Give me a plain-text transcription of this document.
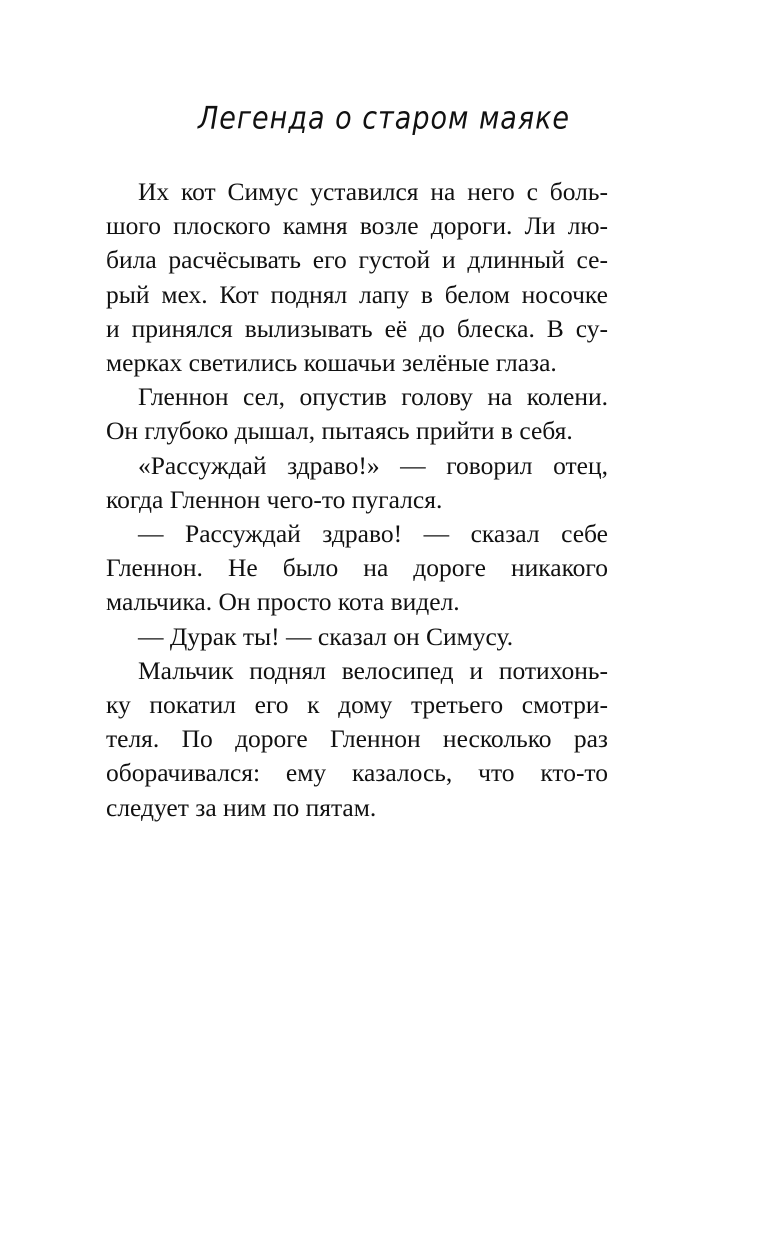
Легенда о старом маяке

Их кот Симус уставился на него с боль-
шого плоского камня возле дороги. Ли лю-
била расчёсывать его густой и длинный се-
рый мех. Кот поднял лапу в белом носочке
и принялся вылизывать её до блеска. В су-
мерках светились кошачьи зелёные глаза.

Гленнон сел, опустив голову на колени.
Он глубоко дышал, пытаясь прийти в себя.

«Рассуждай здраво!» — говорил отец,
когда Гленнон чего-то пугался.

— Рассуждай здраво! — сказал себе
Гленнон. Не было на дороге никакого
мальчика. Он просто кота видел.

— Дурак ты! — сказал он Симусу.

Мальчик поднял велосипед и потихонь-
ку покатил его к дому третьего смотри-
теля. По дороге Гленнон несколько раз
оборачивался: ему казалось, что кто-то
следует за ним по пятам.
